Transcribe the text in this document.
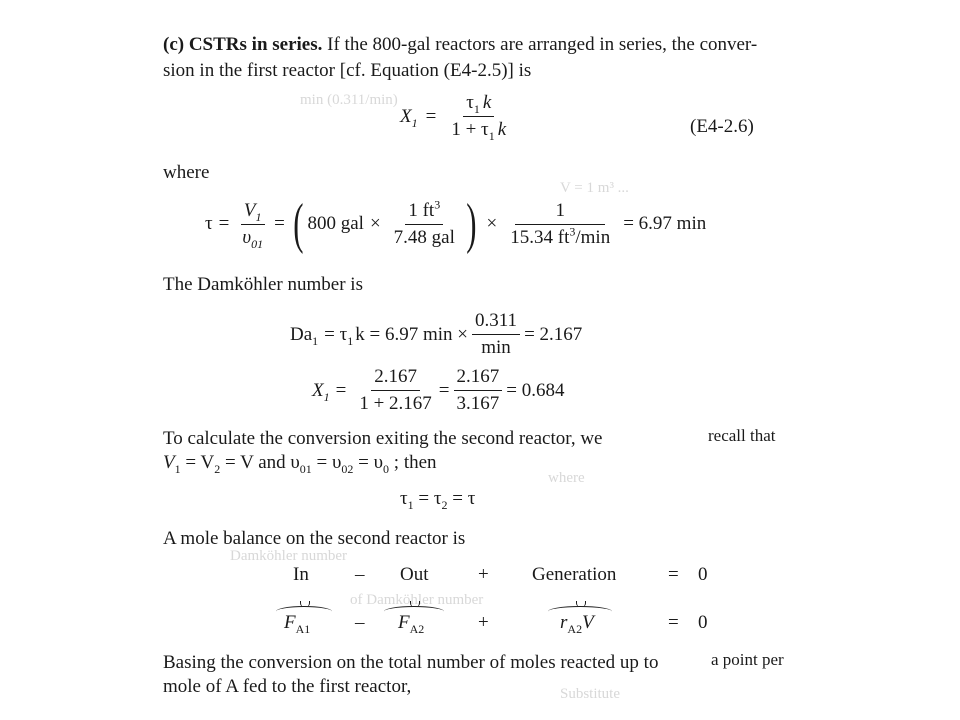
min (0.311/min)
V = 1 m³ ...
of Damköhler number
where
Damköhler number
Substitute
(c) CSTRs in series. If the 800-gal reactors are arranged in series, the conver-
sion in the first reactor [cf. Equation (E4-2.5)] is
$X_1 = \frac{\tau_1 k}{1 + \tau_1 k}$	(E4-2.6)
where
$\tau = \frac{V_1}{\upsilon_{01}}$ = ( 800 gal × $\frac{1 ft^3}{\text{7.48 gal}}$ ) × $\frac{1}{15.34 ft^3/\min} = 6.97$ min
The Damköhler number is
$Da_1 = \tau_1$ k = 6.97 $\min \times \frac{0.311}{\min} = 2.167$
$X_1 = \frac{2.167}{1 + 2.167} = \frac{2.167}{3.167} = 0.684$
To calculate the conversion exiting the second reactor, we	recall that
$V_1 = V_2 = V$ and $\upsilon_{01} = \upsilon_{02} = \upsilon_0$ ; then
$\tau_1 = \tau_2 = \tau$
A mole balance on the second reactor is
In – Out	+ Generation	= 0
$F_{A1} - F_{A2}$	+	$r_{A2}V$	= 0
Basing the conversion on the total number of moles reacted up to	a point per
mole of A fed to the first reactor,
